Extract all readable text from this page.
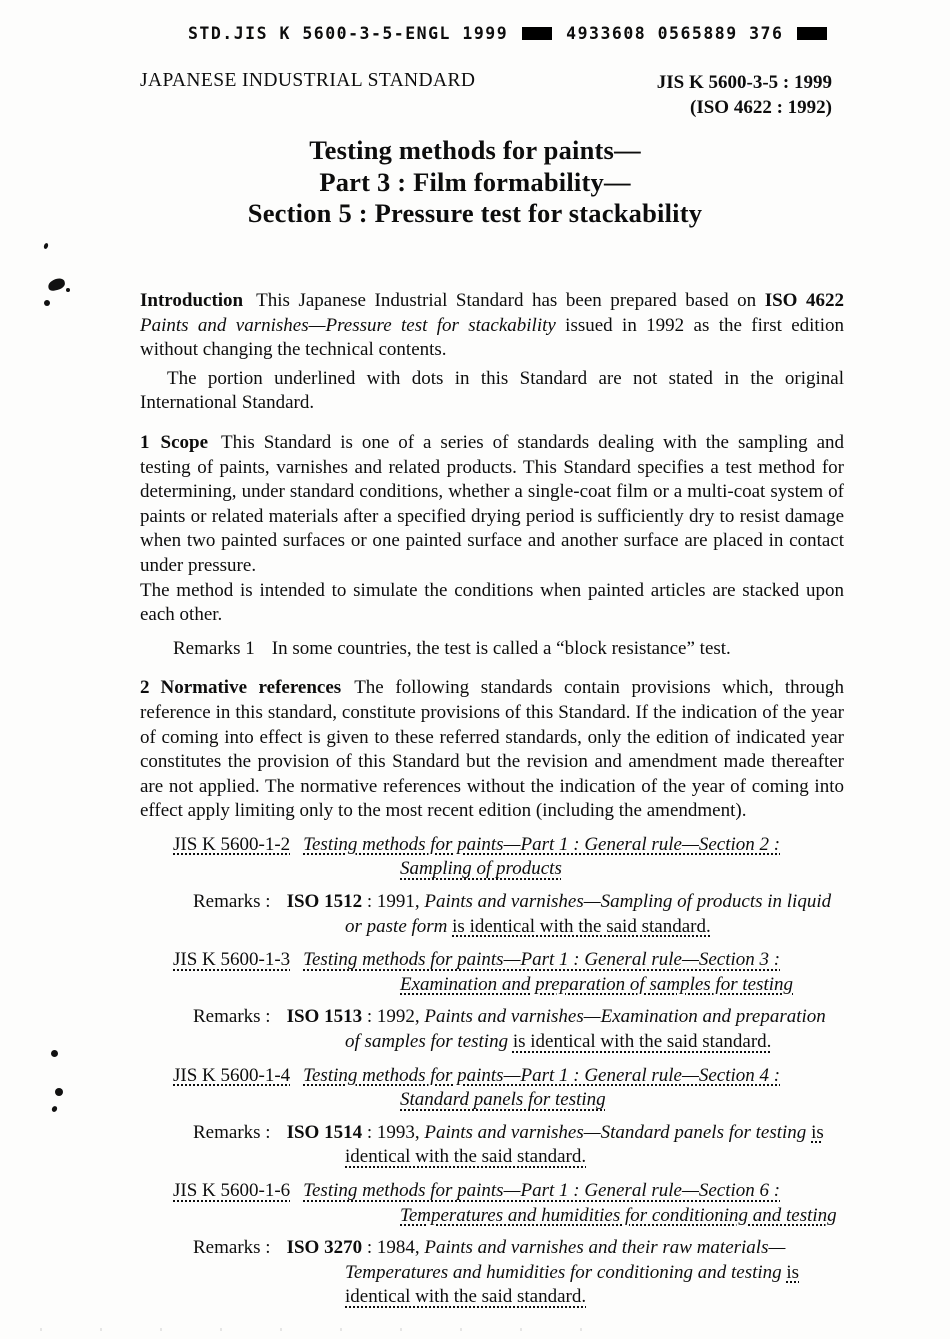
STD.JIS K 5600-3-5-ENGL 1999	4933608 0565889 376
JAPANESE INDUSTRIAL STANDARD	JIS K 5600-3-5 : 1999
(ISO 4622 : 1992)
Testing methods for paints—
Part 3 : Film formability—
Section 5 : Pressure test for stackability

Introduction This Japanese Industrial Standard has been prepared based on ISO 4622 Paints and varnishes—Pressure test for stackability issued in 1992 as the first edition without changing the technical contents.

The portion underlined with dots in this Standard are not stated in the original International Standard.

1 Scope This Standard is one of a series of standards dealing with the sampling and testing of paints, varnishes and related products. This Standard specifies a test method for determining, under standard conditions, whether a single-coat film or a multi-coat system of paints or related materials after a specified drying period is sufficiently dry to resist damage when two painted surfaces or one painted surface and another surface are placed in contact under pressure.

The method is intended to simulate the conditions when painted articles are stacked upon each other.

Remarks 1 In some countries, the test is called a “block resistance” test.

2 Normative references The following standards contain provisions which, through reference in this standard, constitute provisions of this Standard. If the indication of the year of coming into effect is given to these referred standards, only the edition of indicated year constitutes the provision of this Standard but the revision and amendment made thereafter are not applied. The normative references without the indication of the year of coming into effect apply limiting only to the most recent edition (including the amendment).

JIS K 5600-1-2 Testing methods for paints—Part 1 : General rule—Section 2 : Sampling of products

Remarks : ISO 1512 : 1991, Paints and varnishes—Sampling of products in liquid or paste form is identical with the said standard.

JIS K 5600-1-3 Testing methods for paints—Part 1 : General rule—Section 3 : Examination and preparation of samples for testing

Remarks : ISO 1513 : 1992, Paints and varnishes—Examination and preparation of samples for testing is identical with the said standard.

JIS K 5600-1-4 Testing methods for paints—Part 1 : General rule—Section 4 : Standard panels for testing

Remarks : ISO 1514 : 1993, Paints and varnishes—Standard panels for testing is identical with the said standard.

JIS K 5600-1-6 Testing methods for paints—Part 1 : General rule—Section 6 : Temperatures and humidities for conditioning and testing

Remarks : ISO 3270 : 1984, Paints and varnishes and their raw materials—Temperatures and humidities for conditioning and testing is identical with the said standard.
